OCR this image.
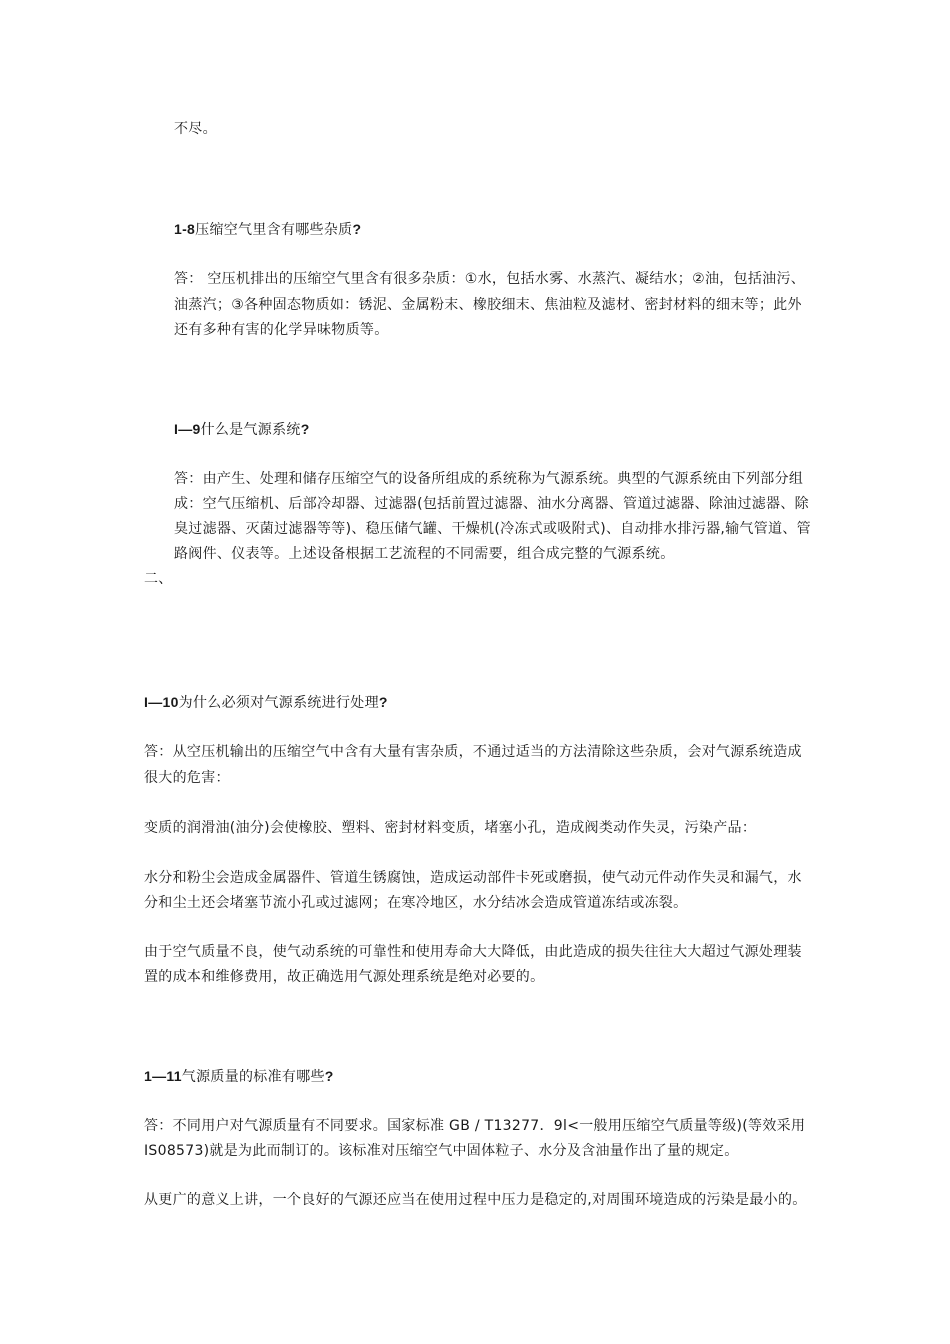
不尽。
1-8压缩空气里含有哪些杂质?
答： 空压机排出的压缩空气里含有很多杂质：①水，包括水雾、水蒸汽、凝结水；②油，包括油污、
油蒸汽；③各种固态物质如：锈泥、金属粉末、橡胶细末、焦油粒及滤材、密封材料的细末等；此外
还有多种有害的化学异味物质等。
I—9什么是气源系统?
答：由产生、处理和储存压缩空气的设备所组成的系统称为气源系统。典型的气源系统由下列部分组
成：空气压缩机、后部冷却器、过滤器(包括前置过滤器、油水分离器、管道过滤器、除油过滤器、除
臭过滤器、灭菌过滤器等等)、稳压储气罐、干燥机(冷冻式或吸附式)、自动排水排污器,输气管道、管
路阀件、仪表等。上述设备根据工艺流程的不同需要，组合成完整的气源系统。
二、
I—10为什么必须对气源系统进行处理?
答：从空压机输出的压缩空气中含有大量有害杂质，不通过适当的方法清除这些杂质，会对气源系统造成
很大的危害：
变质的润滑油(油分)会使橡胶、塑料、密封材料变质，堵塞小孔，造成阀类动作失灵，污染产品：
水分和粉尘会造成金属器件、管道生锈腐蚀，造成运动部件卡死或磨损，使气动元件动作失灵和漏气，水
分和尘土还会堵塞节流小孔或过滤网；在寒冷地区，水分结冰会造成管道冻结或冻裂。
由于空气质量不良，使气动系统的可靠性和使用寿命大大降低，由此造成的损失往往大大超过气源处理装
置的成本和维修费用，故正确选用气源处理系统是绝对必要的。
1—11气源质量的标准有哪些?
答：不同用户对气源质量有不同要求。国家标准 GB / T13277．9l<一般用压缩空气质量等级)(等效采用
IS08573)就是为此而制订的。该标准对压缩空气中固体粒子、水分及含油量作出了量的规定。
从更广的意义上讲，一个良好的气源还应当在使用过程中压力是稳定的,对周围环境造成的污染是最小的。
